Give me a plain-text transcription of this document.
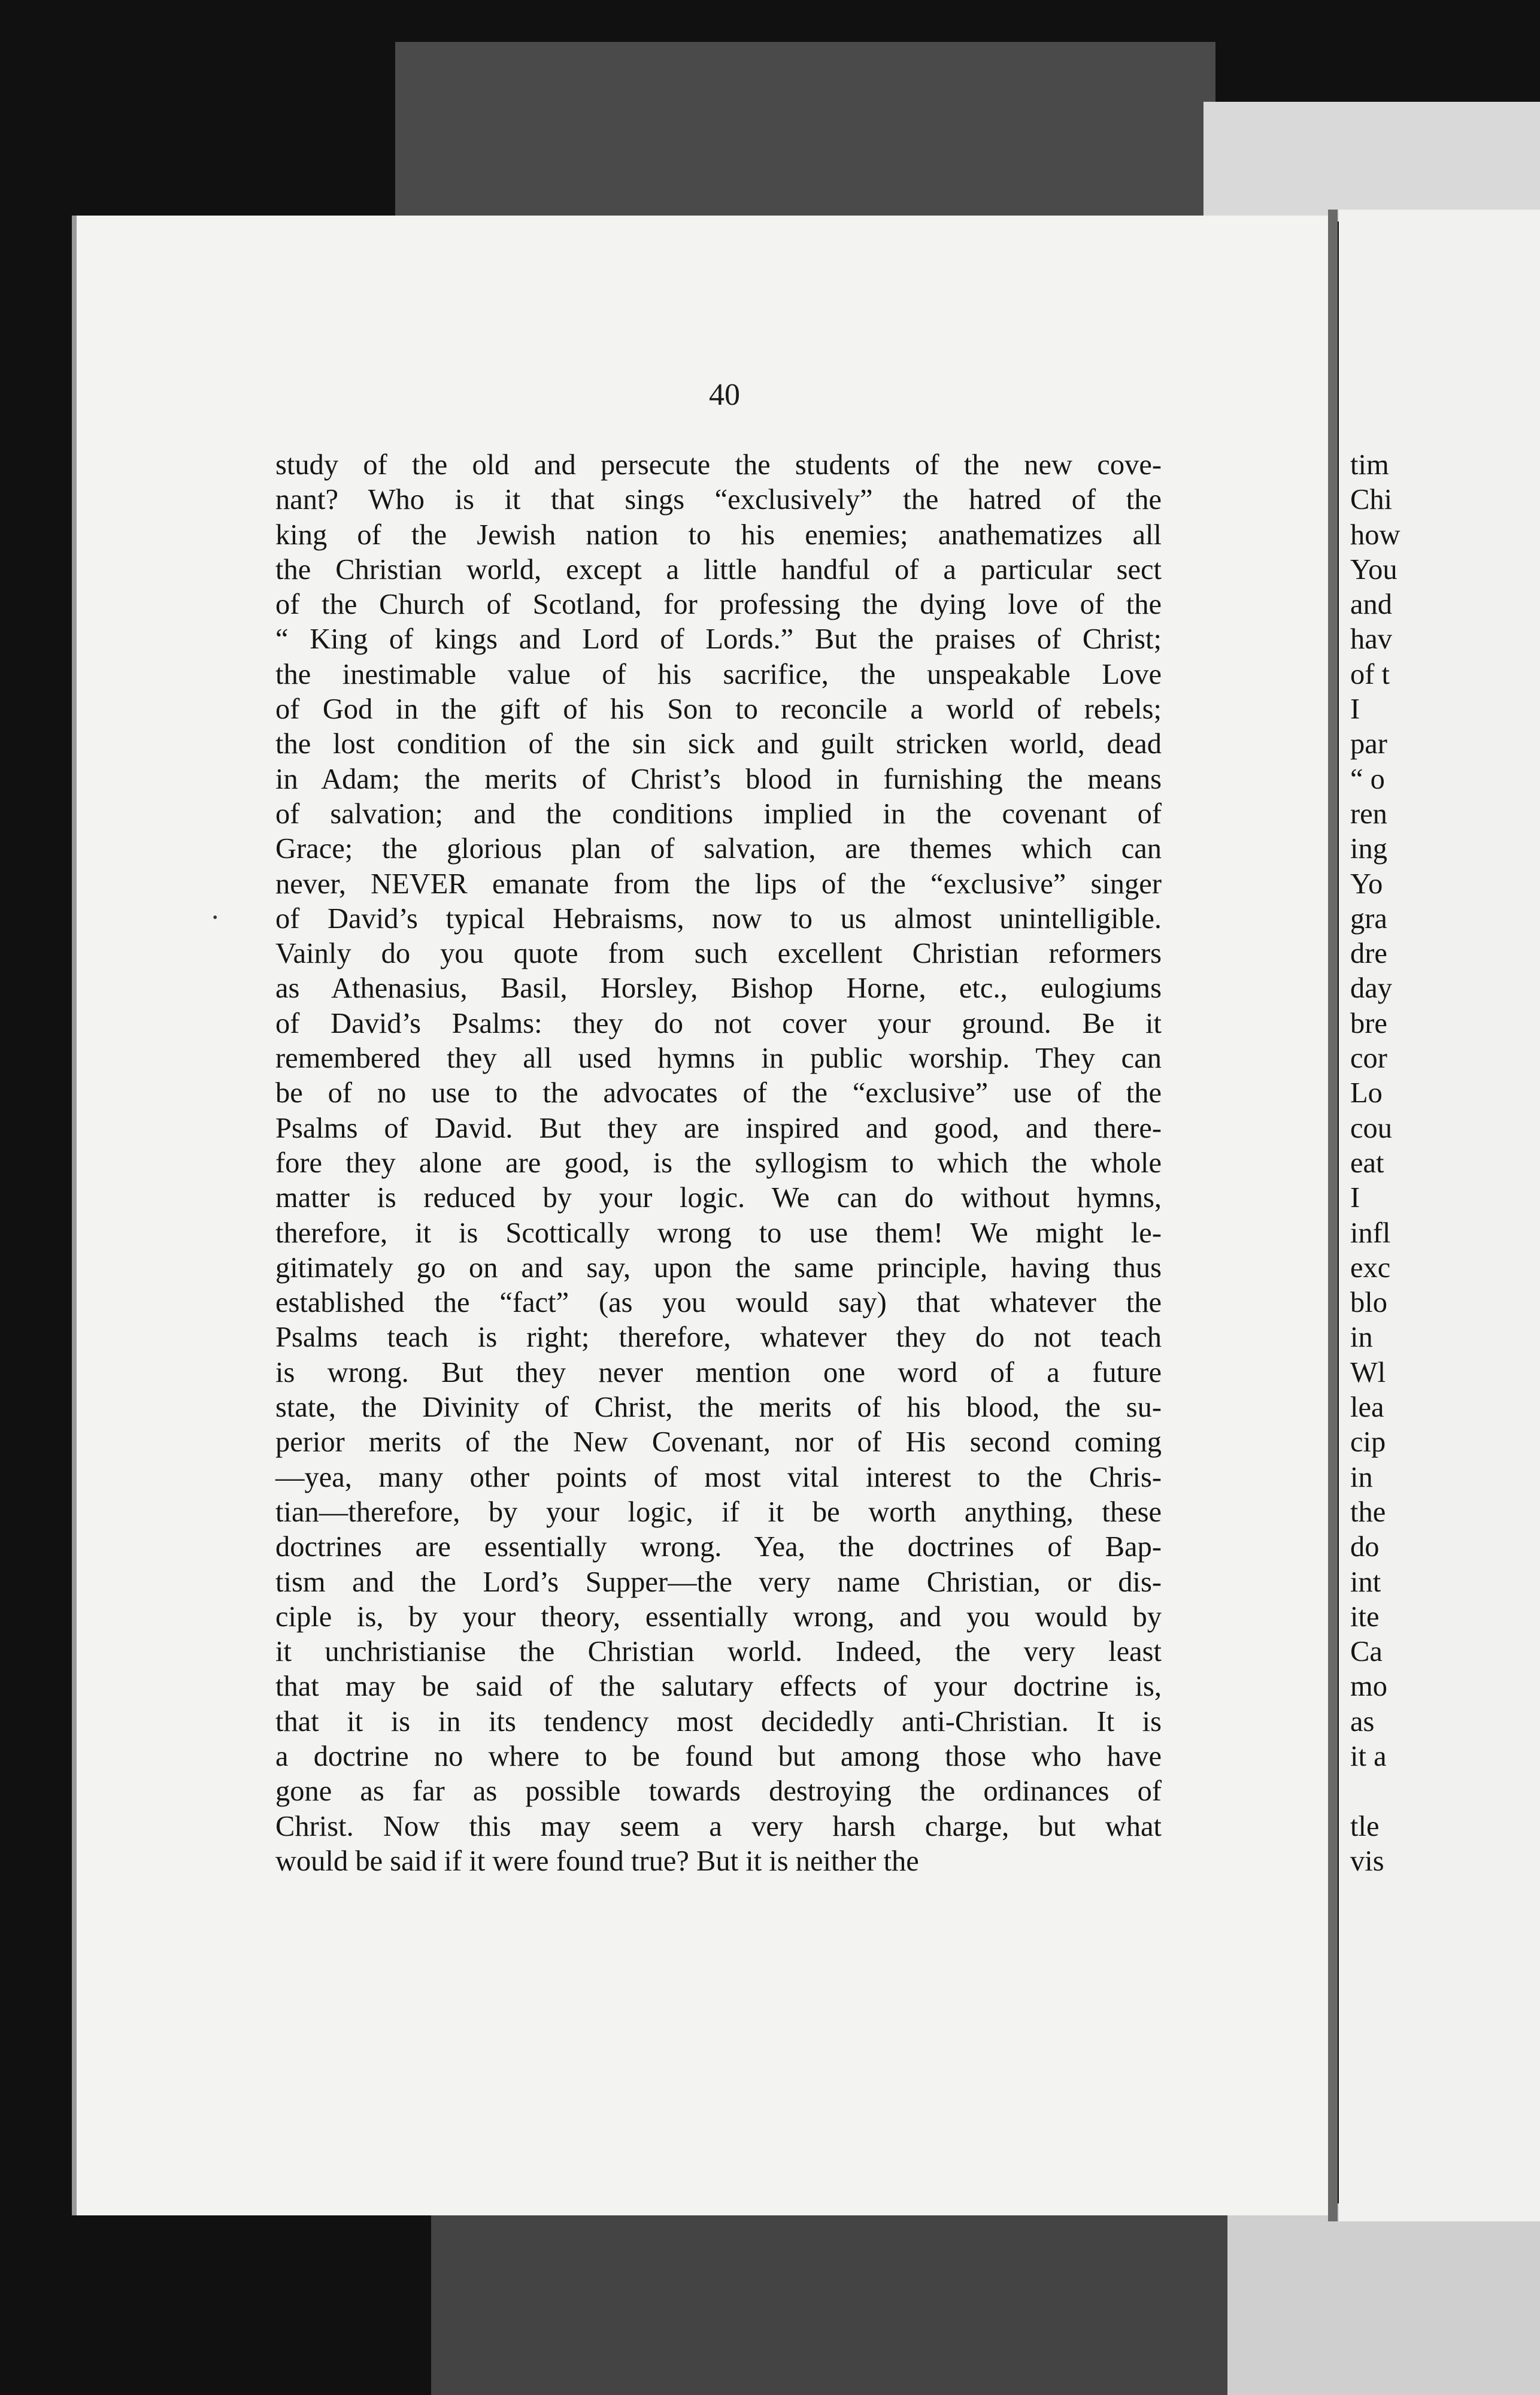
40
study of the old and persecute the students of the new cove-
nant? Who is it that sings “exclusively” the hatred of the
king of the Jewish nation to his enemies; anathematizes all
the Christian world, except a little handful of a particular sect
of the Church of Scotland, for professing the dying love of the
“ King of kings and Lord of Lords.” But the praises of Christ;
the inestimable value of his sacrifice, the unspeakable Love
of God in the gift of his Son to reconcile a world of rebels;
the lost condition of the sin sick and guilt stricken world, dead
in Adam; the merits of Christ’s blood in furnishing the means
of salvation; and the conditions implied in the covenant of
Grace; the glorious plan of salvation, are themes which can
never, NEVER emanate from the lips of the “exclusive” singer
of David’s typical Hebraisms, now to us almost unintelligible.
Vainly do you quote from such excellent Christian reformers
as Athenasius, Basil, Horsley, Bishop Horne, etc., eulogiums
of David’s Psalms: they do not cover your ground. Be it
remembered they all used hymns in public worship. They can
be of no use to the advocates of the “exclusive” use of the
Psalms of David. But they are inspired and good, and there-
fore they alone are good, is the syllogism to which the whole
matter is reduced by your logic. We can do without hymns,
therefore, it is Scottically wrong to use them! We might le-
gitimately go on and say, upon the same principle, having thus
established the “fact” (as you would say) that whatever the
Psalms teach is right; therefore, whatever they do not teach
is wrong. But they never mention one word of a future
state, the Divinity of Christ, the merits of his blood, the su-
perior merits of the New Covenant, nor of His second coming
—yea, many other points of most vital interest to the Chris-
tian—therefore, by your logic, if it be worth anything, these
doctrines are essentially wrong. Yea, the doctrines of Bap-
tism and the Lord’s Supper—the very name Christian, or dis-
ciple is, by your theory, essentially wrong, and you would by
it unchristianise the Christian world. Indeed, the very least
that may be said of the salutary effects of your doctrine is,
that it is in its tendency most decidedly anti-Christian. It is
a doctrine no where to be found but among those who have
gone as far as possible towards destroying the ordinances of
Christ. Now this may seem a very harsh charge, but what
would be said if it were found true? But it is neither the
tim
Chi
how
You
and
hav
of t
I
par
“ o
ren
ing
Yo
gra
dre
day
bre
cor
Lo
cou
eat
I
infl
exc
blo
in
Wl
lea
cip
in
the
do
int
ite
Ca
mo
as
it a
tle
vis
•
